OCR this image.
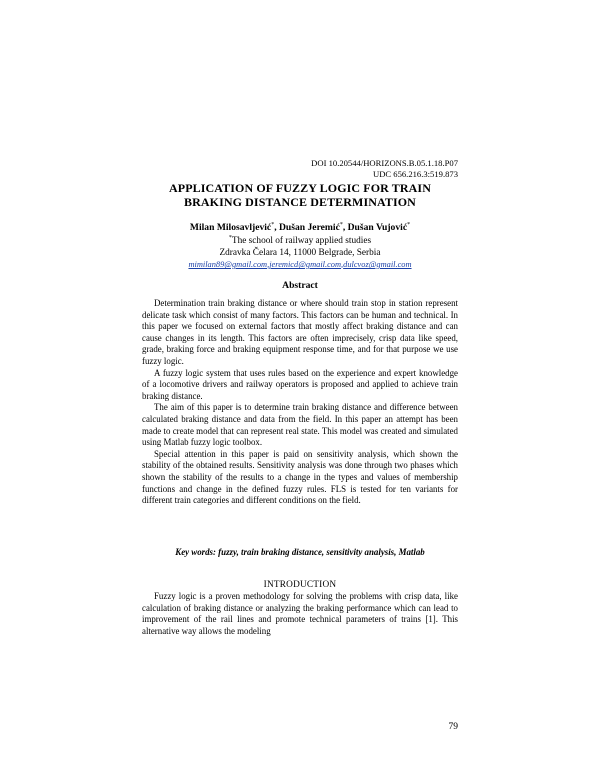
DOI 10.20544/HORIZONS.B.05.1.18.P07
UDC 656.216.3:519.873
APPLICATION OF FUZZY LOGIC FOR TRAIN
BRAKING DISTANCE DETERMINATION
Milan Milosavljević*, Dušan Jeremić*, Dušan Vujović*
*The school of railway applied studies
Zdravka Čelara 14, 11000 Belgrade, Serbia
mimilan89@gmail.com,jeremicd@gmail.com,dulcvoz@gmail.com
Abstract

Determination train braking distance or where should train stop in station represent delicate task which consist of many factors. This factors can be human and technical. In this paper we focused on external factors that mostly affect braking distance and can cause changes in its length. This factors are often imprecisely, crisp data like speed, grade, braking force and braking equipment response time, and for that purpose we use fuzzy logic.

A fuzzy logic system that uses rules based on the experience and expert knowledge of a locomotive drivers and railway operators is proposed and applied to achieve train braking distance.

The aim of this paper is to determine train braking distance and difference between calculated braking distance and data from the field. In this paper an attempt has been made to create model that can represent real state. This model was created and simulated using Matlab fuzzy logic toolbox.

Special attention in this paper is paid on sensitivity analysis, which shown the stability of the obtained results. Sensitivity analysis was done through two phases which shown the stability of the results to a change in the types and values of membership functions and change in the defined fuzzy rules. FLS is tested for ten variants for different train categories and different conditions on the field.

Key words: fuzzy, train braking distance, sensitivity analysis, Matlab
INTRODUCTION

Fuzzy logic is a proven methodology for solving the problems with crisp data, like calculation of braking distance or analyzing the braking performance which can lead to improvement of the rail lines and promote technical parameters of trains [1]. This alternative way allows the modeling

79
